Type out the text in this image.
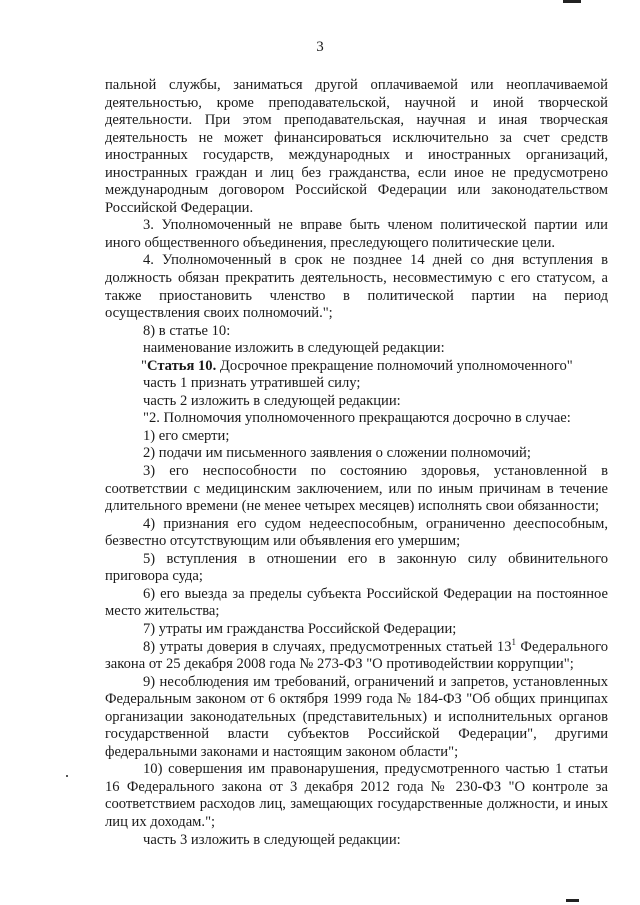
3

пальной службы, заниматься другой оплачиваемой или неоплачиваемой деятельностью, кроме преподавательской, научной и иной творческой деятельности. При этом преподавательская, научная и иная творческая деятельность не может финансироваться исключительно за счет средств иностранных государств, международных и иностранных организаций, иностранных граждан и лиц без гражданства, если иное не предусмотрено международным договором Российской Федерации или законодательством Российской Федерации.

3. Уполномоченный не вправе быть членом политической партии или иного общественного объединения, преследующего политические цели.

4. Уполномоченный в срок не позднее 14 дней со дня вступления в должность обязан прекратить деятельность, несовместимую с его статусом, а также приостановить членство в политической партии на период осуществления своих полномочий.";

8) в статье 10:

наименование изложить в следующей редакции:

"Статья 10. Досрочное прекращение полномочий уполномоченного"

часть 1 признать утратившей силу;

часть 2 изложить в следующей редакции:

"2. Полномочия уполномоченного прекращаются досрочно в случае:

1) его смерти;

2) подачи им письменного заявления о сложении полномочий;

3) его неспособности по состоянию здоровья, установленной в соответствии с медицинским заключением, или по иным причинам в течение длительного времени (не менее четырех месяцев) исполнять свои обязанности;

4) признания его судом недееспособным, ограниченно дееспособным, безвестно отсутствующим или объявления его умершим;

5) вступления в отношении его в законную силу обвинительного приговора суда;

6) его выезда за пределы субъекта Российской Федерации на постоянное место жительства;

7) утраты им гражданства Российской Федерации;

8) утраты доверия в случаях, предусмотренных статьей $13^1$ Федерального закона от 25 декабря 2008 года № 273-ФЗ "О противодействии коррупции";

9) несоблюдения им требований, ограничений и запретов, установленных Федеральным законом от 6 октября 1999 года № 184-ФЗ "Об общих принципах организации законодательных (представительных) и исполнительных органов государственной власти субъектов Российской Федерации", другими федеральными законами и настоящим законом области";

10) совершения им правонарушения, предусмотренного частью 1 статьи 16 Федерального закона от 3 декабря 2012 года № 230-ФЗ "О контроле за соответствием расходов лиц, замещающих государственные должности, и иных лиц их доходам.";

часть 3 изложить в следующей редакции:
